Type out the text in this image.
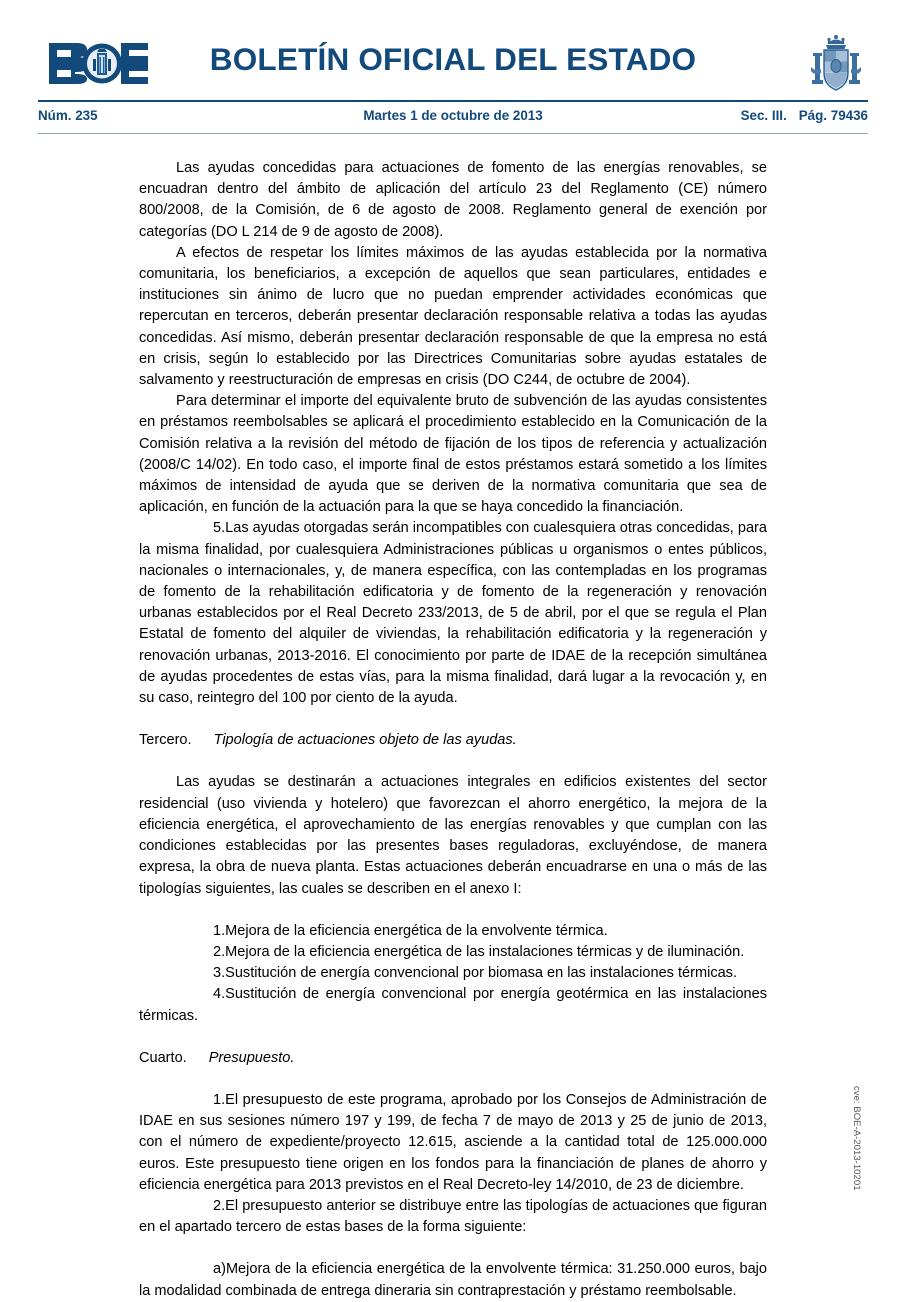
BOLETÍN OFICIAL DEL ESTADO
Núm. 235	Martes 1 de octubre de 2013	Sec. III. Pág. 79436

Las ayudas concedidas para actuaciones de fomento de las energías renovables, se encuadran dentro del ámbito de aplicación del artículo 23 del Reglamento (CE) número 800/2008, de la Comisión, de 6 de agosto de 2008. Reglamento general de exención por categorías (DO L 214 de 9 de agosto de 2008).

A efectos de respetar los límites máximos de las ayudas establecida por la normativa comunitaria, los beneficiarios, a excepción de aquellos que sean particulares, entidades e instituciones sin ánimo de lucro que no puedan emprender actividades económicas que repercutan en terceros, deberán presentar declaración responsable relativa a todas las ayudas concedidas. Así mismo, deberán presentar declaración responsable de que la empresa no está en crisis, según lo establecido por las Directrices Comunitarias sobre ayudas estatales de salvamento y reestructuración de empresas en crisis (DO C244, de octubre de 2004).

Para determinar el importe del equivalente bruto de subvención de las ayudas consistentes en préstamos reembolsables se aplicará el procedimiento establecido en la Comunicación de la Comisión relativa a la revisión del método de fijación de los tipos de referencia y actualización (2008/C 14/02). En todo caso, el importe final de estos préstamos estará sometido a los límites máximos de intensidad de ayuda que se deriven de la normativa comunitaria que sea de aplicación, en función de la actuación para la que se haya concedido la financiación.

5.Las ayudas otorgadas serán incompatibles con cualesquiera otras concedidas, para la misma finalidad, por cualesquiera Administraciones públicas u organismos o entes públicos, nacionales o internacionales, y, de manera específica, con las contempladas en los programas de fomento de la rehabilitación edificatoria y de fomento de la regeneración y renovación urbanas establecidos por el Real Decreto 233/2013, de 5 de abril, por el que se regula el Plan Estatal de fomento del alquiler de viviendas, la rehabilitación edificatoria y la regeneración y renovación urbanas, 2013-2016. El conocimiento por parte de IDAE de la recepción simultánea de ayudas procedentes de estas vías, para la misma finalidad, dará lugar a la revocación y, en su caso, reintegro del 100 por ciento de la ayuda.

Tercero. Tipología de actuaciones objeto de las ayudas.

Las ayudas se destinarán a actuaciones integrales en edificios existentes del sector residencial (uso vivienda y hotelero) que favorezcan el ahorro energético, la mejora de la eficiencia energética, el aprovechamiento de las energías renovables y que cumplan con las condiciones establecidas por las presentes bases reguladoras, excluyéndose, de manera expresa, la obra de nueva planta. Estas actuaciones deberán encuadrarse en una o más de las tipologías siguientes, las cuales se describen en el anexo I:

1.Mejora de la eficiencia energética de la envolvente térmica.

2.Mejora de la eficiencia energética de las instalaciones térmicas y de iluminación.

3.Sustitución de energía convencional por biomasa en las instalaciones térmicas.

4.Sustitución de energía convencional por energía geotérmica en las instalaciones térmicas.

Cuarto. Presupuesto.

1.El presupuesto de este programa, aprobado por los Consejos de Administración de IDAE en sus sesiones número 197 y 199, de fecha 7 de mayo de 2013 y 25 de junio de 2013, con el número de expediente/proyecto 12.615, asciende a la cantidad total de 125.000.000 euros. Este presupuesto tiene origen en los fondos para la financiación de planes de ahorro y eficiencia energética para 2013 previstos en el Real Decreto-ley 14/2010, de 23 de diciembre.

2.El presupuesto anterior se distribuye entre las tipologías de actuaciones que figuran en el apartado tercero de estas bases de la forma siguiente:

a)Mejora de la eficiencia energética de la envolvente térmica: 31.250.000 euros, bajo la modalidad combinada de entrega dineraria sin contraprestación y préstamo reembolsable.

cve: BOE-A-2013-10201
